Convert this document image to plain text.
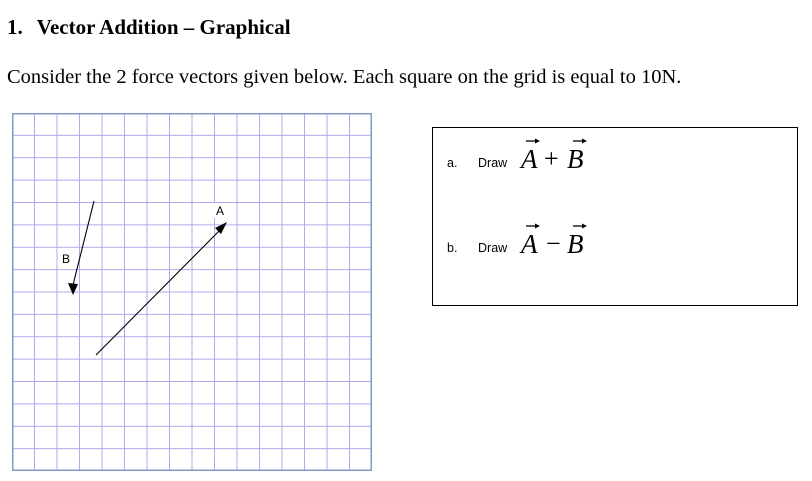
1. Vector Addition – Graphical
Consider the 2 force vectors given below. Each square on the grid is equal to 10N.
A
B
a. Draw A B
+
b. Draw A B
−
